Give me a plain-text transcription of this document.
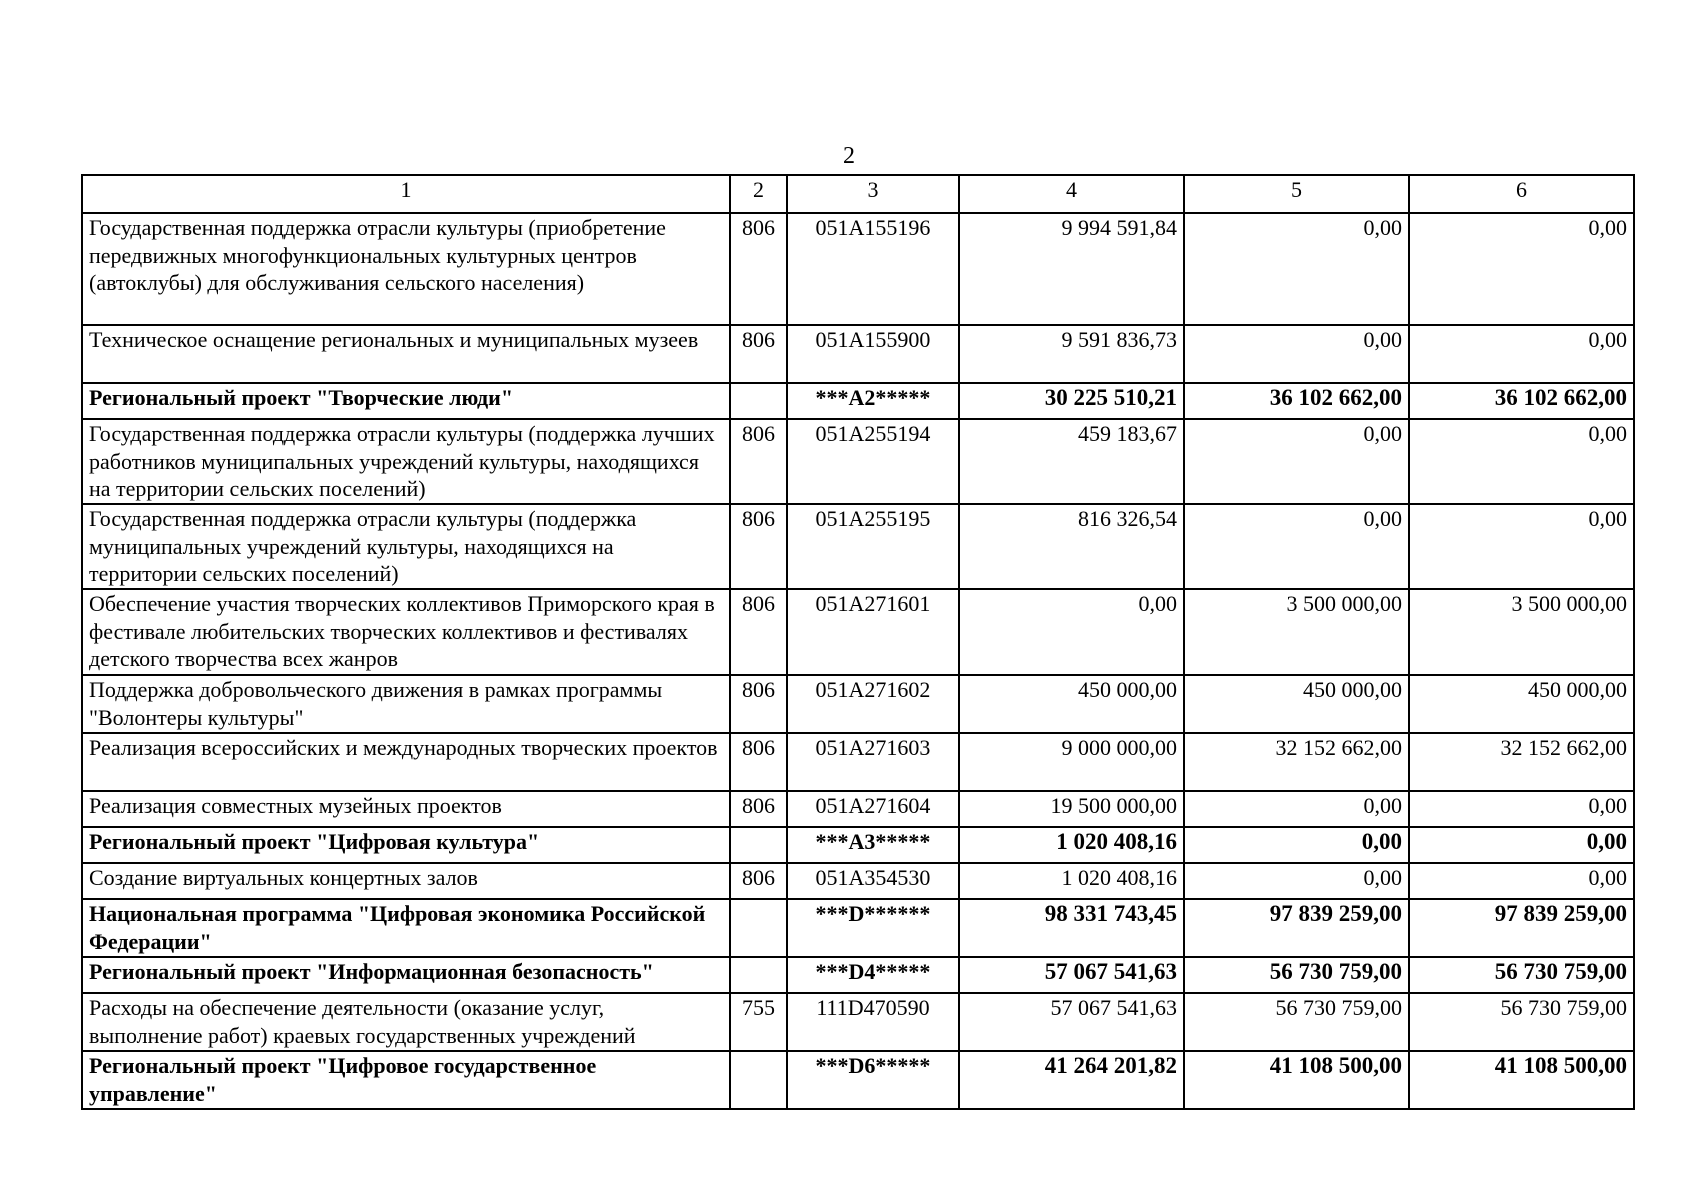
2
1	2	3	4	5	6
Государственная поддержка отрасли культуры (приобретение передвижных многофункциональных культурных центров (автоклубы) для обслуживания сельского населения)	806	051A155196	9 994 591,84	0,00	0,00
Техническое оснащение региональных и муниципальных музеев	806	051A155900	9 591 836,73	0,00	0,00
Региональный проект "Творческие люди"		***А2*****	30 225 510,21	36 102 662,00	36 102 662,00
Государственная поддержка отрасли культуры (поддержка лучших работников муниципальных учреждений культуры, находящихся на территории сельских поселений)	806	051A255194	459 183,67	0,00	0,00
Государственная поддержка отрасли культуры (поддержка муниципальных учреждений культуры, находящихся на территории сельских поселений)	806	051A255195	816 326,54	0,00	0,00
Обеспечение участия творческих коллективов Приморского края в фестивале любительских творческих коллективов и фестивалях детского творчества всех жанров	806	051A271601	0,00	3 500 000,00	3 500 000,00
Поддержка добровольческого движения в рамках программы "Волонтеры культуры"	806	051A271602	450 000,00	450 000,00	450 000,00
Реализация всероссийских и международных творческих проектов	806	051A271603	9 000 000,00	32 152 662,00	32 152 662,00
Реализация совместных музейных проектов	806	051A271604	19 500 000,00	0,00	0,00
Региональный проект "Цифровая культура"		***А3*****	1 020 408,16	0,00	0,00
Создание виртуальных концертных залов	806	051A354530	1 020 408,16	0,00	0,00
Национальная программа "Цифровая экономика Российской Федерации"		***D******	98 331 743,45	97 839 259,00	97 839 259,00
Региональный проект "Информационная безопасность"		***D4*****	57 067 541,63	56 730 759,00	56 730 759,00
Расходы на обеспечение деятельности (оказание услуг, выполнение работ) краевых государственных учреждений	755	111D470590	57 067 541,63	56 730 759,00	56 730 759,00
Региональный проект "Цифровое государственное управление"		***D6*****	41 264 201,82	41 108 500,00	41 108 500,00
